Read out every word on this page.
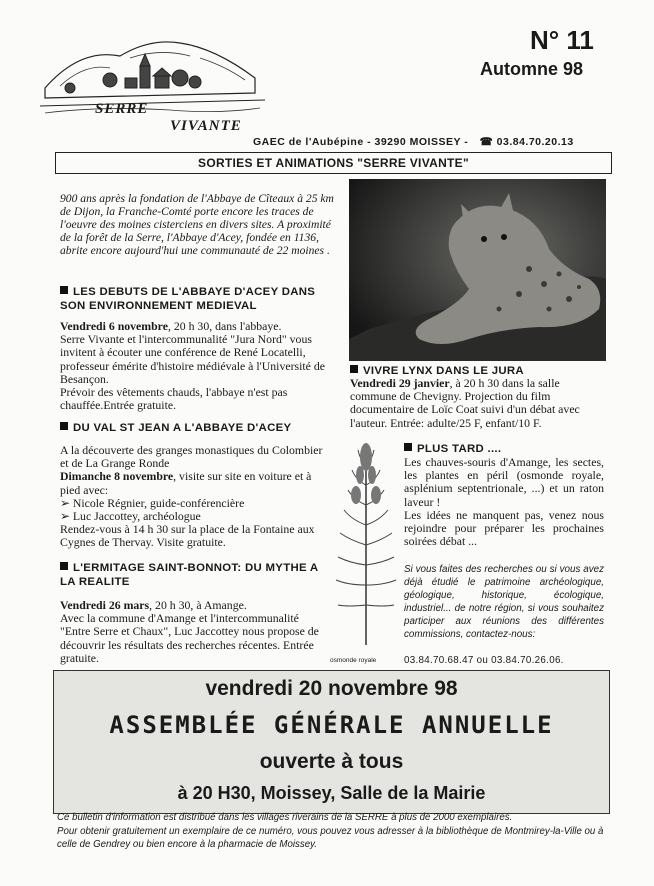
SERRE
VIVANTE
N° 11
Automne 98
GAEC de l'Aubépine - 39290 MOISSEY - ☎ 03.84.70.20.13
SORTIES ET ANIMATIONS "SERRE VIVANTE"
900 ans après la fondation de l'Abbaye de Cîteaux à 25 km de Dijon, la Franche-Comté porte encore les traces de l'oeuvre des moines cisterciens en divers sites. A proximité de la forêt de la Serre, l'Abbaye d'Acey, fondée en 1136, abrite encore aujourd'hui une communauté de 22 moines .
LES DEBUTS DE L'ABBAYE D'ACEY DANS SON ENVIRONNEMENT MEDIEVAL
Vendredi 6 novembre, 20 h 30, dans l'abbaye.
Serre Vivante et l'intercommunalité "Jura Nord" vous invitent à écouter une conférence de René Locatelli, professeur émérite d'histoire médiévale à l'Université de Besançon.
Prévoir des vêtements chauds, l'abbaye n'est pas chauffée.Entrée gratuite.
DU VAL ST JEAN A L'ABBAYE D'ACEY
A la découverte des granges monastiques du Colombier et de La Grange Ronde
Dimanche 8 novembre, visite sur site en voiture et à pied avec:
➢ Nicole Régnier, guide-conférencière
➢ Luc Jaccottey, archéologue
Rendez-vous à 14 h 30 sur la place de la Fontaine aux Cygnes de Thervay. Visite gratuite.
L'ERMITAGE SAINT-BONNOT: DU MYTHE A LA REALITE
Vendredi 26 mars, 20 h 30, à Amange.
Avec la commune d'Amange et l'intercommunalité "Entre Serre et Chaux", Luc Jaccottey nous propose de découvrir les résultats des recherches récentes. Entrée gratuite.
VIVRE LYNX DANS LE JURA
Vendredi 29 janvier, à 20 h 30 dans la salle commune de Chevigny. Projection du film documentaire de Loïc Coat suivi d'un débat avec l'auteur. Entrée: adulte/25 F, enfant/10 F.
osmonde royale
PLUS TARD ....
Les chauves-souris d'Amange, les sectes, les plantes en péril (osmonde royale, asplénium septentrionale, ...) et un raton laveur !
Les idées ne manquent pas, venez nous rejoindre pour préparer les prochaines soirées débat ...
Si vous faites des recherches ou si vous avez déjà étudié le patrimoine archéologique, géologique, historique, écologique, industriel... de notre région, si vous souhaitez participer aux réunions des différentes commissions, contactez-nous:
03.84.70.68.47 ou 03.84.70.26.06.
vendredi 20 novembre 98
ASSEMBLÉE GÉNÉRALE ANNUELLE
ouverte à tous
à 20 H30, Moissey, Salle de la Mairie
Ce bulletin d'information est distribué dans les villages riverains de la SERRE à plus de 2000 exemplaires.
Pour obtenir gratuitement un exemplaire de ce numéro, vous pouvez vous adresser à la bibliothèque de Montmirey-la-Ville ou à celle de Gendrey ou bien encore à la pharmacie de Moissey.
